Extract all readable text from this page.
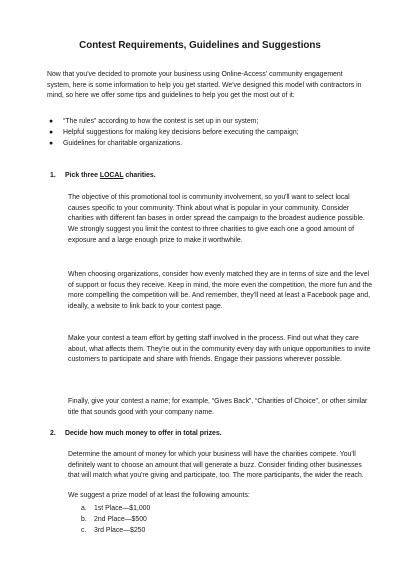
Contest Requirements, Guidelines and Suggestions
Now that you've decided to promote your business using Online-Access' community engagement system, here is some information to help you get started. We've designed this model with contractors in mind, so here we offer some tips and guidelines to help you get the most out of it:
● “The rules” according to how the contest is set up in our system;
● Helpful suggestions for making key decisions before executing the campaign;
● Guidelines for charitable organizations.
1. Pick three LOCAL charities.
The objective of this promotional tool is community involvement, so you'll want to select local causes specific to your community. Think about what is popular in your community. Consider charities with different fan bases in order spread the campaign to the broadest audience possible. We strongly suggest you limit the contest to three charities to give each one a good amount of exposure and a large enough prize to make it worthwhile.
When choosing organizations, consider how evenly matched they are in terms of size and the level of support or focus they receive. Keep in mind, the more even the competition, the more fun and the more compelling the competition will be. And remember, they'll need at least a Facebook page and, ideally, a website to link back to your contest page.
Make your contest a team effort by getting staff involved in the process. Find out what they care about, what affects them. They're out in the community every day with unique opportunities to invite customers to participate and share with friends. Engage their passions wherever possible.
Finally, give your contest a name; for example, “Gives Back”, “Charities of Choice”, or other similar title that sounds good with your company name.
2. Decide how much money to offer in total prizes.
Determine the amount of money for which your business will have the charities compete. You'll definitely want to choose an amount that will generate a buzz. Consider finding other businesses that will match what you're giving and participate, too. The more participants, the wider the reach.
We suggest a prize model of at least the following amounts:
a. 1st Place—$1,000
b. 2nd Place—$500
c. 3rd Place—$250
